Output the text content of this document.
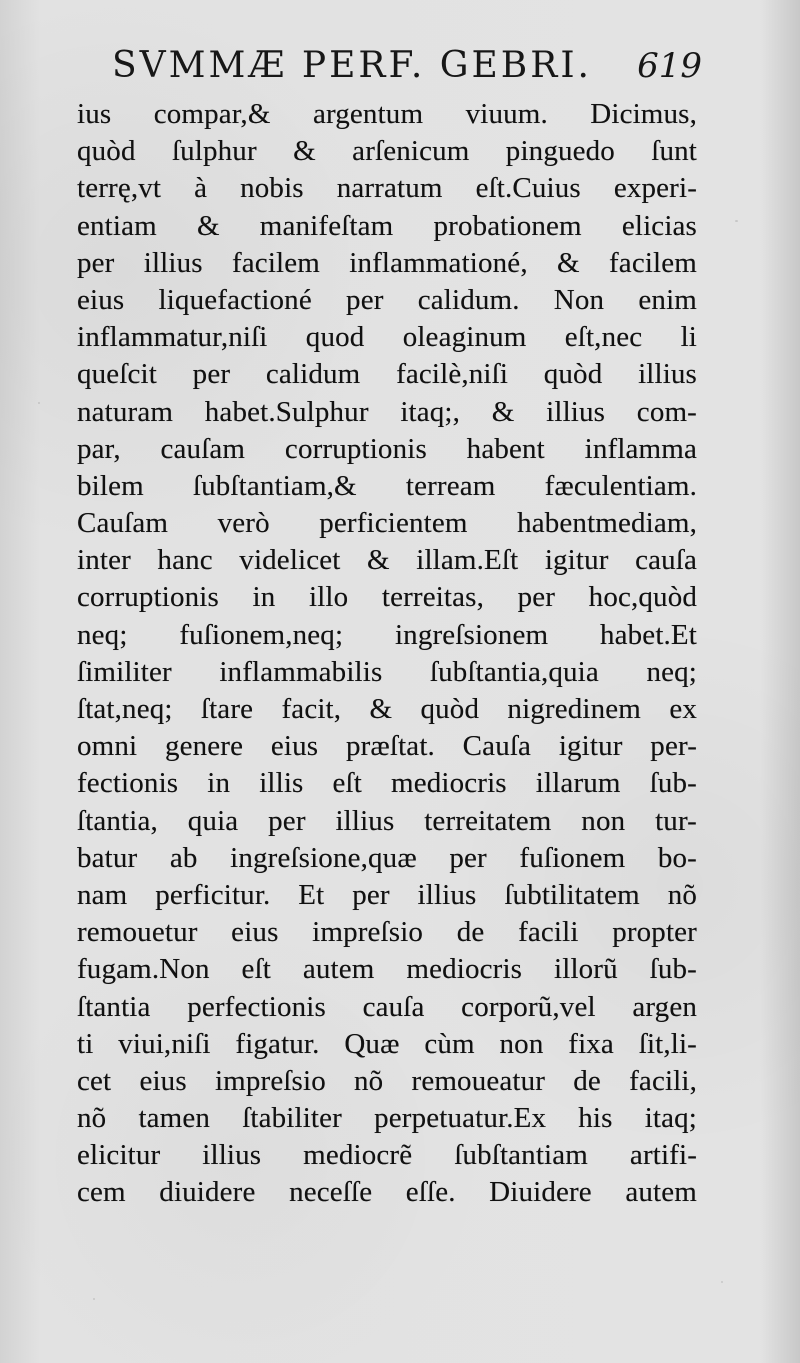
SVMMÆ PERF. GEBRI. 619
ius compar,& argentum viuum. Dicimus,
quòd ſulphur & arſenicum pinguedo ſunt
terrę,vt à nobis narratum eſt.Cuius experi-
entiam & manifeſtam probationem elicias
per illius facilem inflammationé, & facilem
eius liquefactioné per calidum. Non enim
inflammatur,niſi quod oleaginum eſt,nec li
queſcit per calidum facilè,niſi quòd illius
naturam habet.Sulphur itaq;, & illius com-
par, cauſam corruptionis habent inflamma
bilem ſubſtantiam,& terream fæculentiam.
Cauſam verò perficientem habentmediam,
inter hanc videlicet & illam.Eſt igitur cauſa
corruptionis in illo terreitas, per hoc,quòd
neq; fuſionem,neq; ingreſsionem habet.Et
ſimiliter inflammabilis ſubſtantia,quia neq;
ſtat,neq; ſtare facit, & quòd nigredinem ex
omni genere eius præſtat. Cauſa igitur per-
fectionis in illis eſt mediocris illarum ſub-
ſtantia, quia per illius terreitatem non tur-
batur ab ingreſsione,quæ per fuſionem bo-
nam perficitur. Et per illius ſubtilitatem nõ
remouetur eius impreſsio de facili propter
fugam.Non eſt autem mediocris illorũ ſub-
ſtantia perfectionis cauſa corporũ,vel argen
ti viui,niſi figatur. Quæ cùm non fixa ſit,li-
cet eius impreſsio nõ remoueatur de facili,
nõ tamen ſtabiliter perpetuatur.Ex his itaq;
elicitur illius mediocrẽ ſubſtantiam artifi-
cem diuidere neceſſe eſſe. Diuidere autem
